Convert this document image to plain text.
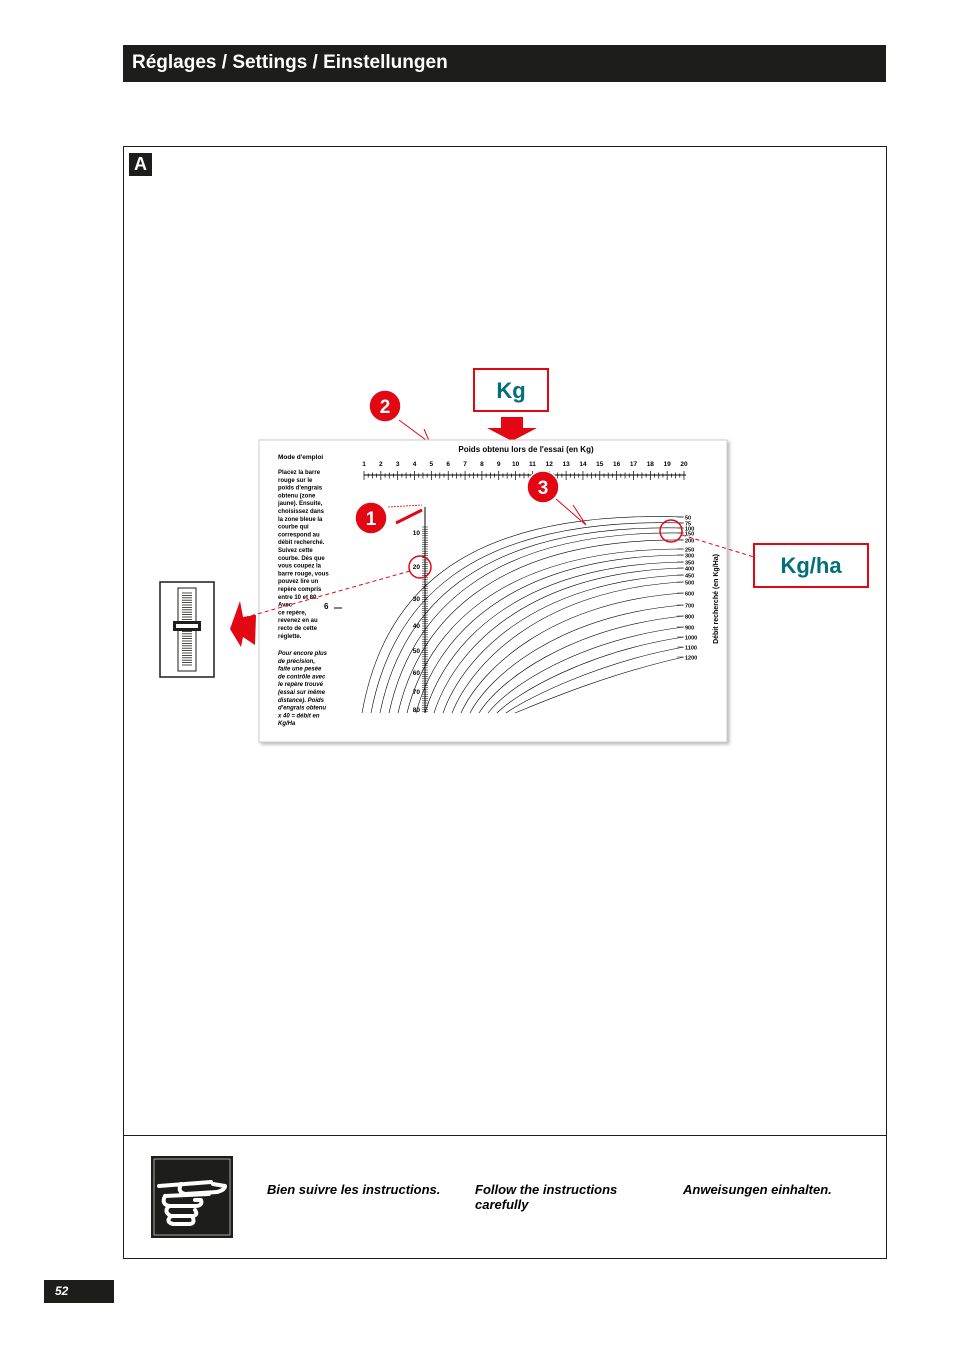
Réglages / Settings / Einstellungen
A
Kg
2
Poids obtenu lors de l'essai (en Kg)
1 2 3 4 5 6 7 8 9 10 11 12 13 14 15 16 17 18 19 20
10
20
30
40
50
60
70
80
50
75
100
150
200
250
300
350
400
450
500
600
700
800
900
1000
1100
1200
Débit recherché (en Kg/Ha)
Mode d'emploi
Placez la barre
rouge sur le
poids d'engrais
obtenu (zone
jaune). Ensuite,
choisissez dans
la zone bleue la
courbe qui
correspond au
débit recherché.
Suivez cette
courbe. Dès que
vous coupez la
barre rouge, vous
pouvez lire un
repère compris
entre 10 et 80.
Avec
ce repère,
revenez en au
recto de cette
réglette.
Pour encore plus
de précision,
faite une pesée
de contrôle avec
le repère trouvé
(essai sur même
distance). Poids
d'engrais obtenu
x 40 = débit en
Kg/Ha
6
1
3
Kg/ha
Bien suivre les instructions.	Follow the instructions carefully
Anweisungen einhalten.
52
